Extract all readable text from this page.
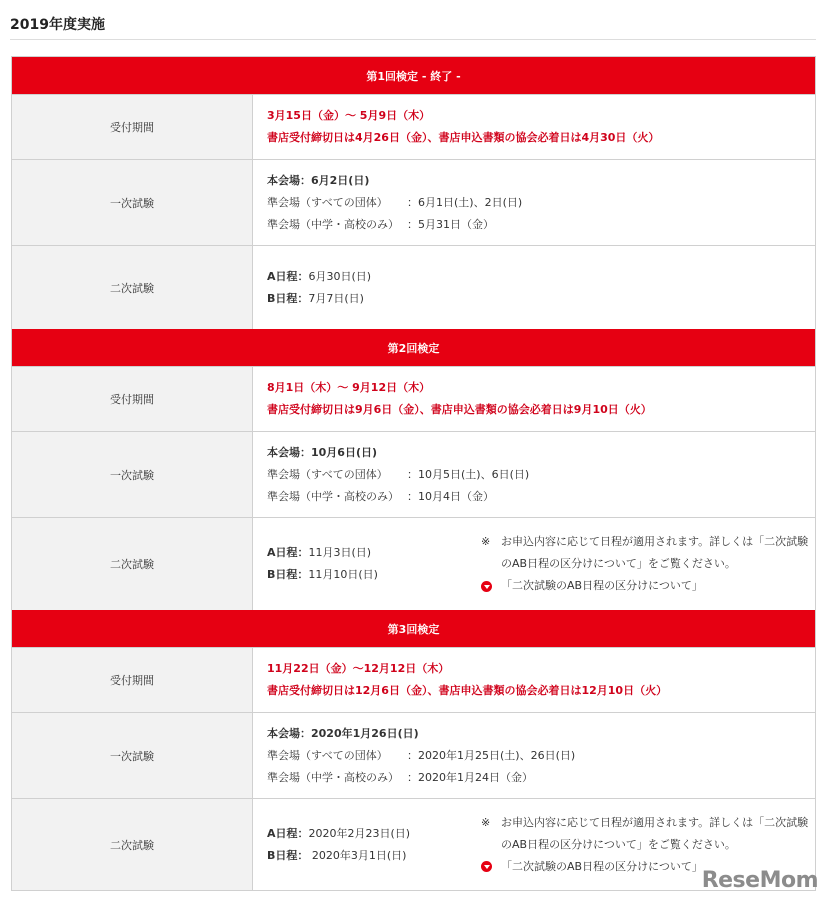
2019年度実施
第1回検定 - 終了 -
受付期間
3月15日（金）～ 5月9日（木）
書店受付締切日は4月26日（金）、書店申込書類の協会必着日は4月30日（火）
一次試験
本会場：6月2日(日)
準会場（すべての団体） ：6月1日(土)、2日(日)
準会場（中学・高校のみ） ：5月31日（金）
二次試験
A日程：6月30日(日)
B日程：7月7日(日)
第2回検定
受付期間
8月1日（木）～ 9月12日（木）
書店受付締切日は9月6日（金）、書店申込書類の協会必着日は9月10日（火）
一次試験
本会場：10月6日(日)
準会場（すべての団体） ：10月5日(土)、6日(日)
準会場（中学・高校のみ） ：10月4日（金）
二次試験
A日程：11月3日(日)
B日程：11月10日(日)
※ お申込内容に応じて日程が適用されます。詳しくは「二次試験
のAB日程の区分けについて」をご覧ください。
「二次試験のAB日程の区分けについて」
第3回検定
受付期間
11月22日（金）～12月12日（木）
書店受付締切日は12月6日（金）、書店申込書類の協会必着日は12月10日（火）
一次試験
本会場：2020年1月26日(日)
準会場（すべての団体） ：2020年1月25日(土)、26日(日)
準会場（中学・高校のみ） ：2020年1月24日（金）
二次試験
A日程：2020年2月23日(日)
B日程： 2020年3月1日(日)
※ お申込内容に応じて日程が適用されます。詳しくは「二次試験
のAB日程の区分けについて」をご覧ください。
「二次試験のAB日程の区分けについて」
ReseMom
